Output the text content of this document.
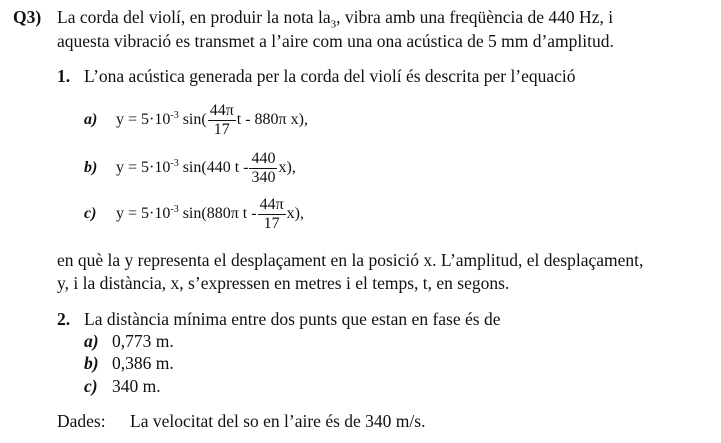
Q3) La corda del violí, en produir la nota $la_3$, vibra amb una freqüència de 440 Hz, i
aquesta vibració es transmet a l’aire com una ona acústica de 5 mm d’amplitud.
1. L’ona acústica generada per la corda del violí és descrita per l’equació
a) $y = 5\cdot 10^{-3}$ $\sin( \frac{44\pi}{17}$ t - 880π x),
b) $y = 5\cdot 10^{-3}$ sin(440 t - $\frac{440}{340} x$),
c) $y = 5\cdot 10^{-3}$ sin(880π t - $\frac{44\pi}{17} x$),
en què la y representa el desplaçament en la posició x. L’amplitud, el desplaçament,
y, i la distància, x, s’expressen en metres i el temps, t, en segons.
2. La distància mínima entre dos punts que estan en fase és de
a) 0,773 m.
b) 0,386 m.
c) 340 m.
Dades: La velocitat del so en l’aire és de 340 m/s.
